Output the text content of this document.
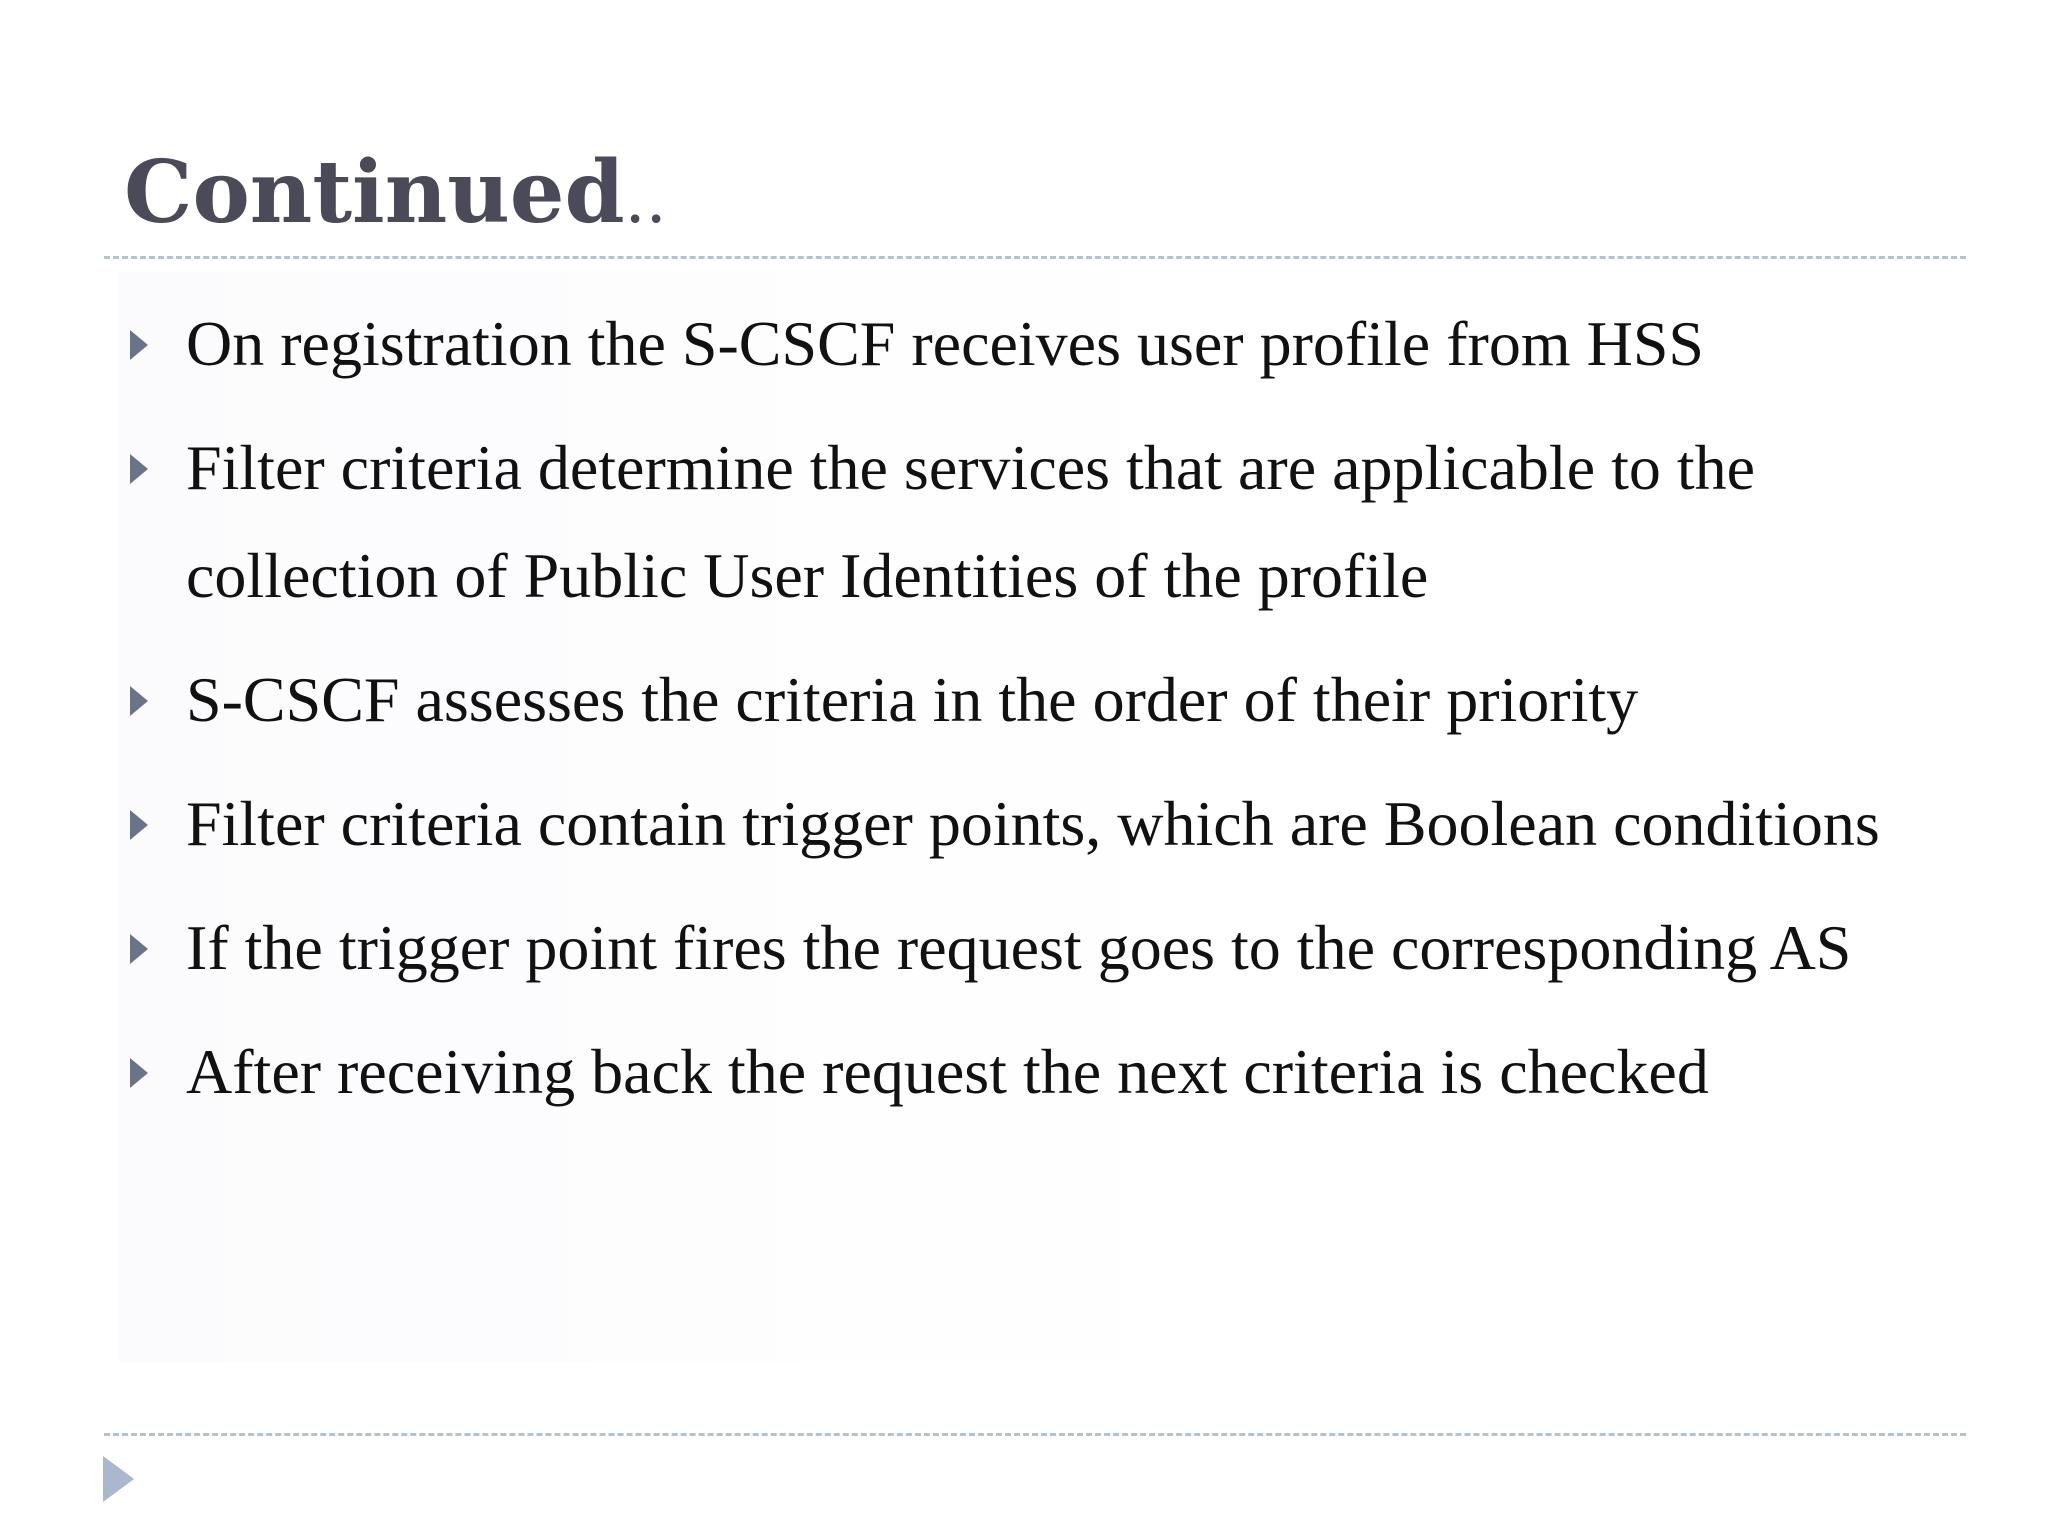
Continued..
On registration the S-CSCF receives user profile from HSS
Filter criteria determine the services that are applicable to the collection of Public User Identities of the profile
S-CSCF assesses the criteria in the order of their priority
Filter criteria contain trigger points, which are Boolean conditions
If the trigger point fires the request goes to the corresponding AS
After receiving back the request the next criteria is checked
